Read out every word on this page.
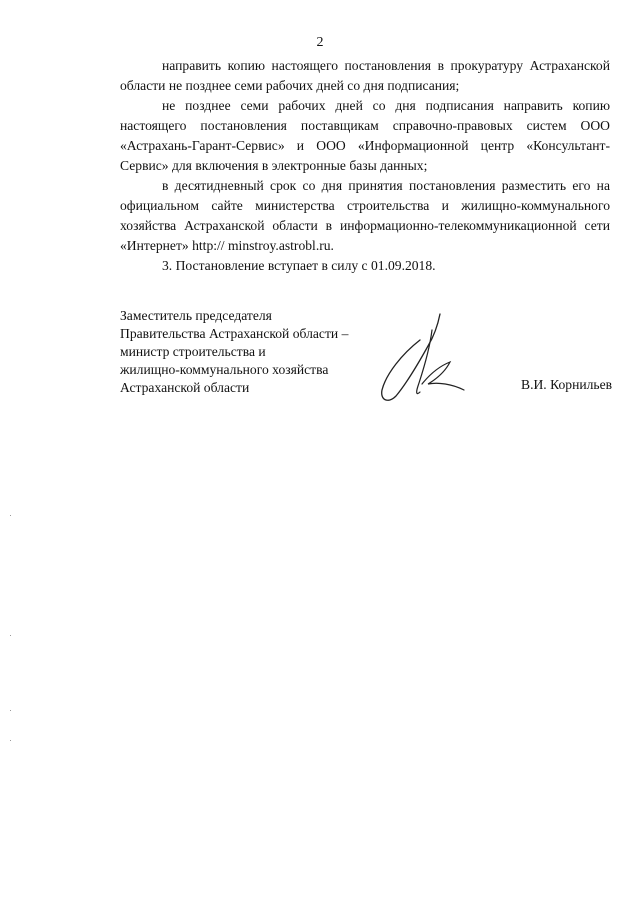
2

направить копию настоящего постановления в прокуратуру Астраханской области не позднее семи рабочих дней со дня подписания;

не позднее семи рабочих дней со дня подписания направить копию настоящего постановления поставщикам справочно-правовых систем ООО «Астрахань-Гарант-Сервис» и ООО «Информационной центр «Консультант-Сервис» для включения в электронные базы данных;

в десятидневный срок со дня принятия постановления разместить его на официальном сайте министерства строительства и жилищно-коммунального хозяйства Астраханской области в информационно-телекоммуникационной сети «Интернет» http:// minstroy.astrobl.ru.

3. Постановление вступает в силу с 01.09.2018.

Заместитель председателя
Правительства Астраханской области –
министр строительства и
жилищно-коммунального хозяйства
Астраханской области	В.И. Корнильев
